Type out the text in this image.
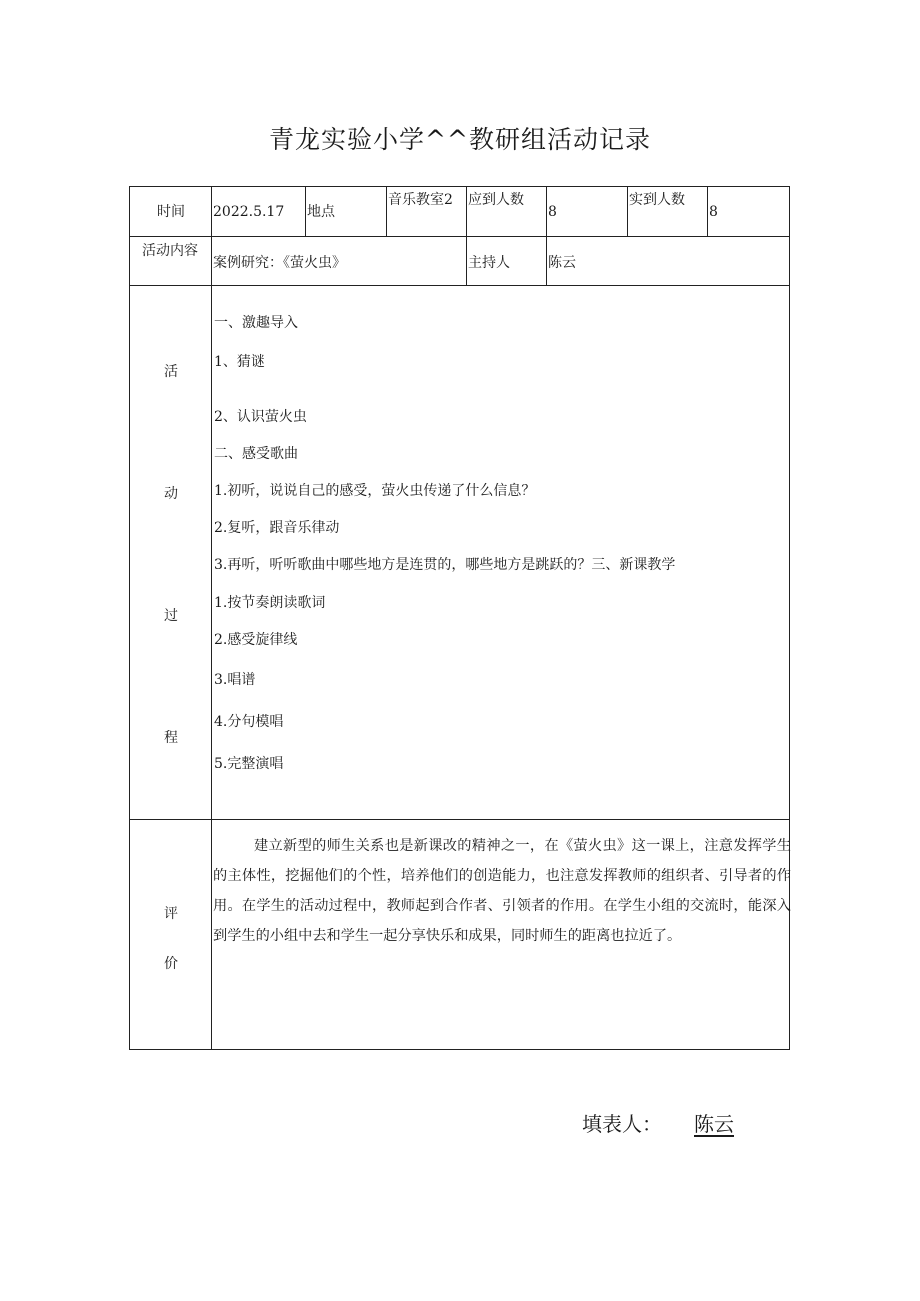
青龙实验小学^^教研组活动记录
时间 2022.5.17 地点
音乐教室2 应到人数
8
实到人数
8
活动内容
案例研究：《萤火虫》	主持人	陈云
活
动
过
程
一、激趣导入
1、猜谜
2、认识萤火虫
二、感受歌曲
1.初听，说说自己的感受，萤火虫传递了什么信息？
2.复听，跟音乐律动
3.再听，听听歌曲中哪些地方是连贯的，哪些地方是跳跃的？三、新课教学
1.按节奏朗读歌词
2.感受旋律线
3.唱谱
4.分句模唱
5.完整演唱
评
价
建立新型的师生关系也是新课改的精神之一，在《萤火虫》这一课上，注意发挥学生的主体性，挖掘他们的个性，培养他们的创造能力，也注意发挥教师的组织者、引导者的作用。在学生的活动过程中，教师起到合作者、引领者的作用。在学生小组的交流时，能深入到学生的小组中去和学生一起分享快乐和成果，同时师生的距离也拉近了。
填表人： 陈云
